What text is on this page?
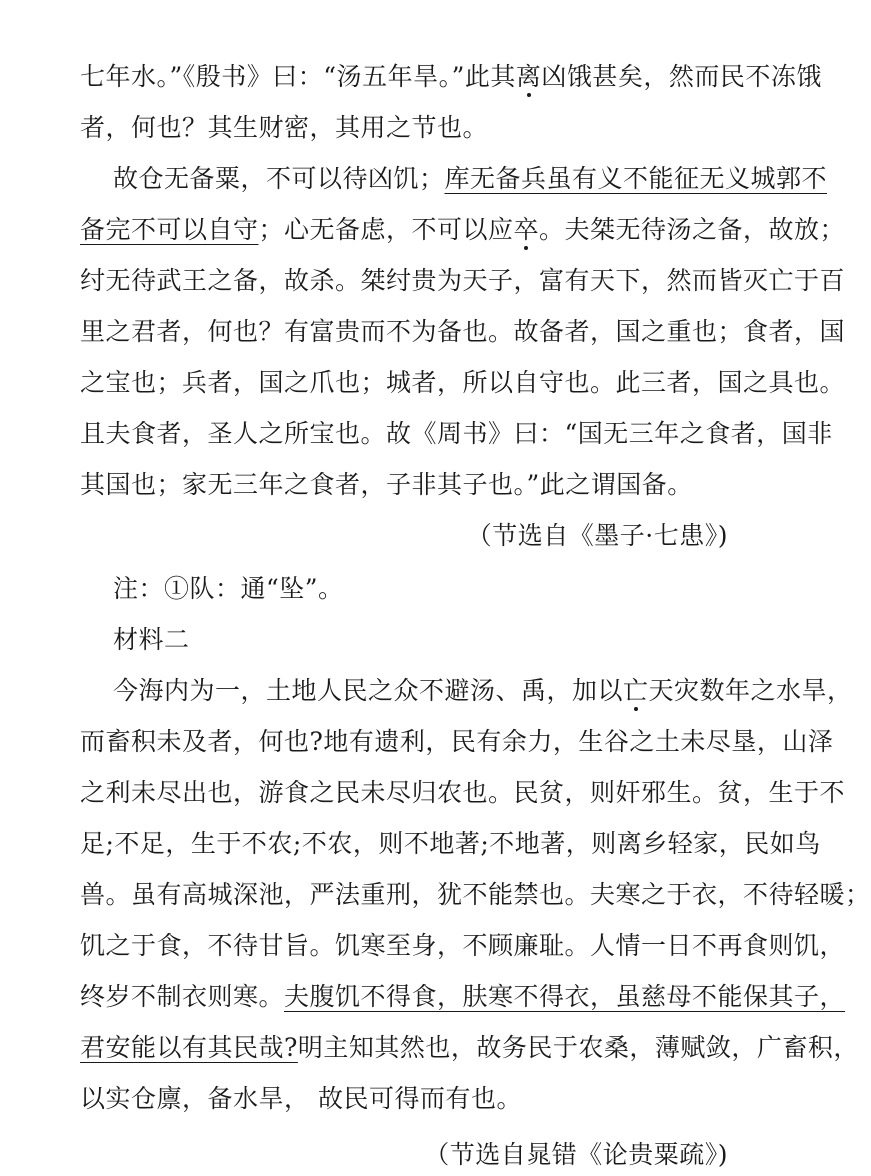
七年水。”《殷书》曰：“汤五年旱。”此其离凶饿甚矣，然而民不冻饿
者，何也？其生财密，其用之节也。
故仓无备粟，不可以待凶饥；库无备兵虽有义不能征无义城郭不
备完不可以自守；心无备虑，不可以应卒。夫桀无待汤之备，故放；
纣无待武王之备，故杀。桀纣贵为天子，富有天下，然而皆灭亡于百
里之君者，何也？有富贵而不为备也。故备者，国之重也；食者，国
之宝也；兵者，国之爪也；城者，所以自守也。此三者，国之具也。
且夫食者，圣人之所宝也。故《周书》曰：“国无三年之食者，国非
其国也；家无三年之食者，子非其子也。”此之谓国备。
（节选自《墨子·七患》)
注：①队：通“坠”。
材料二
今海内为一，土地人民之众不避汤、禹，加以亡天灾数年之水旱，
而畜积未及者，何也?地有遗利，民有余力，生谷之土未尽垦，山泽
之利未尽出也，游食之民未尽归农也。民贫，则奸邪生。贫，生于不
足;不足，生于不农;不农，则不地著;不地著，则离乡轻家，民如鸟
兽。虽有高城深池，严法重刑，犹不能禁也。夫寒之于衣，不待轻暖；
饥之于食，不待甘旨。饥寒至身，不顾廉耻。人情一日不再食则饥，
终岁不制衣则寒。夫腹饥不得食，肤寒不得衣，虽慈母不能保其子，
君安能以有其民哉?明主知其然也，故务民于农桑，薄赋敛，广畜积，
以实仓廪，备水旱， 故民可得而有也。
（节选自晁错《论贵粟疏》)
